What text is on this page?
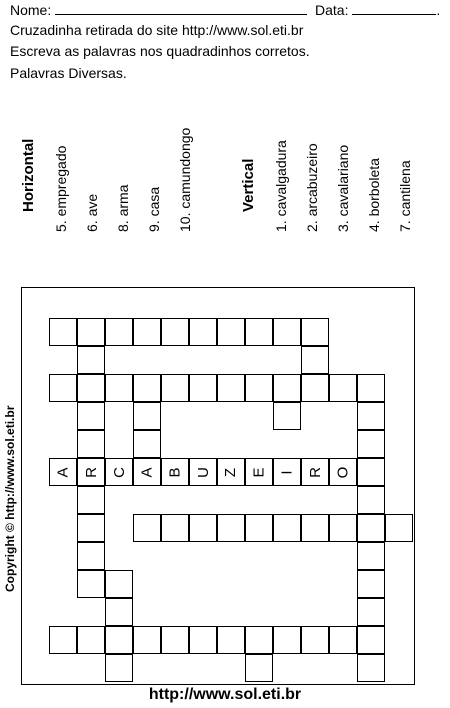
Nome:	Data:	.
Cruzadinha retirada do site http://www.sol.eti.br
Escreva as palavras nos quadradinhos corretos.
Palavras Diversas.
Horizontal 5. empregado 6. ave 8. arma 9. casa 10. camundongo	Vertical 1. cavalgadura 2. arcabuzeiro 3. cavalariano 4. borboleta 7. cantilena
Copyright © http://www.sol.eti.br A R C A B U Z E I R O
http://www.sol.eti.br
